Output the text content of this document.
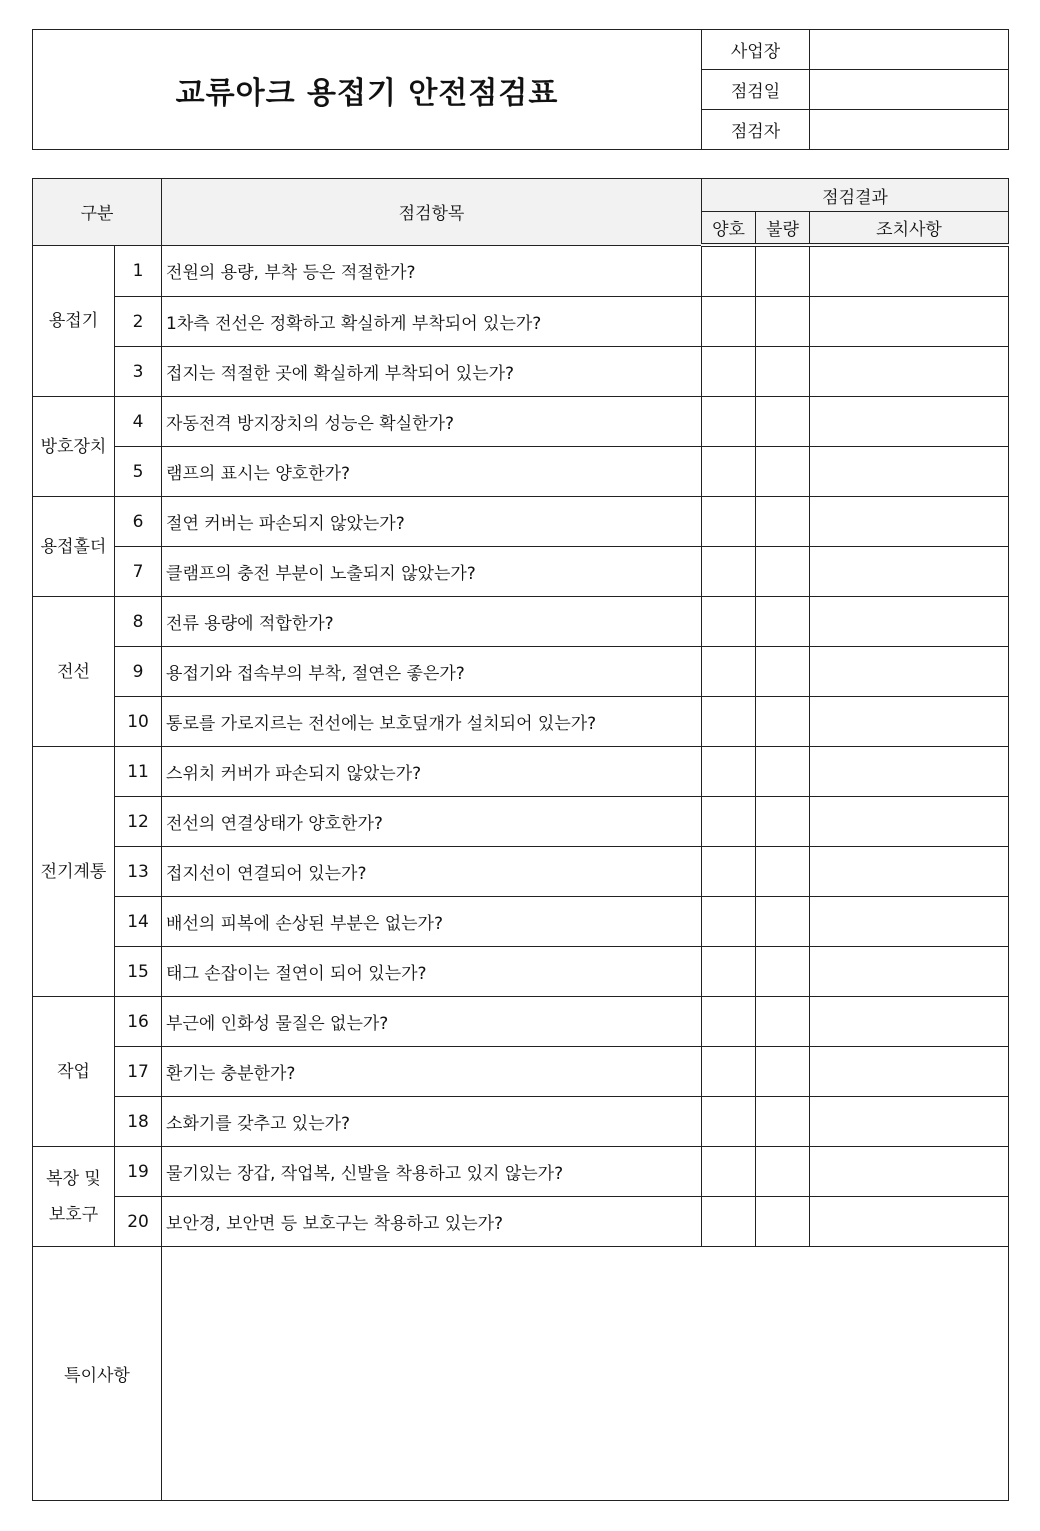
교류아크 용접기 안전점검표	사업장	
	점검일	
	점검자	
구분		점검항목	점검결과		
			양호	불량	조치사항
용접기	1	전원의 용량, 부착 등은 적절한가?			
	2	1차측 전선은 정확하고 확실하게 부착되어 있는가?			
	3	접지는 적절한 곳에 확실하게 부착되어 있는가?			
방호장치	4	자동전격 방지장치의 성능은 확실한가?			
	5	램프의 표시는 양호한가?			
용접홀더	6	절연 커버는 파손되지 않았는가?			
	7	클램프의 충전 부분이 노출되지 않았는가?			
전선	8	전류 용량에 적합한가?			
	9	용접기와 접속부의 부착, 절연은 좋은가?			
	10	통로를 가로지르는 전선에는 보호덮개가 설치되어 있는가?			
전기계통	11	스위치 커버가 파손되지 않았는가?			
	12	전선의 연결상태가 양호한가?			
	13	접지선이 연결되어 있는가?			
	14	배선의 피복에 손상된 부분은 없는가?			
	15	태그 손잡이는 절연이 되어 있는가?			
작업	16	부근에 인화성 물질은 없는가?			
	17	환기는 충분한가?			
	18	소화기를 갖추고 있는가?			

복장 및
보호구	19	물기있는 장갑, 작업복, 신발을 착용하고 있지 않는가?			
	20	보안경, 보안면 등 보호구는 착용하고 있는가?			
특이사항					
